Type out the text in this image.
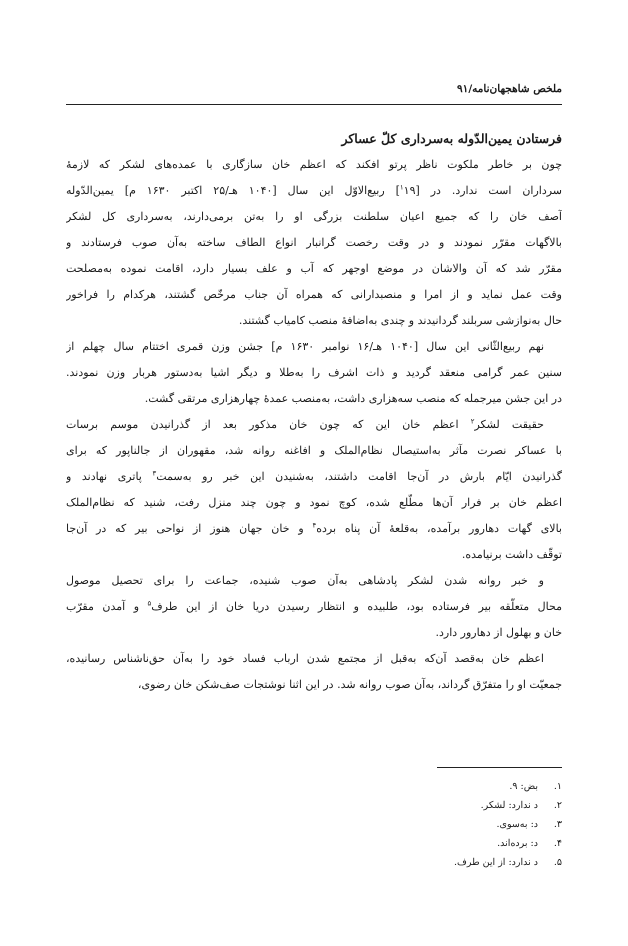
ملخص شاهجهان‌نامه/۹۱
فرستادن یمین‌الدّوله به‌سرداری کلّ عساکر
چون بر خاطر ملکوت ناظر پرتو افکند که اعظم خان سازگاری با عمده‌های لشکر که لازمهٔ
سرداران است ندارد. در [$^۱$۱۹] ربیع‌الاوّل این سال [۱۰۴۰ هـ/۲۵ اکتبر ۱۶۳۰ م] یمین‌الدّوله
آصف خان را که جمیع اعیان سلطنت بزرگی او را به‌تن برمی‌دارند، به‌سرداری کل لشکر
بالاگهات مقرّر نمودند و در وقت رخصت گرانبار انواع الطاف ساخته به‌آن صوب فرستادند و
مقرّر شد که آن والاشان در موضع اوجهر که آب و علف بسیار دارد، اقامت نموده به‌مصلحت
وقت عمل نماید و از امرا و منصبدارانی که همراه آن جناب مرخّص گشتند، هرکدام را فراخور
حال به‌نوازشی سربلند گردانیدند و چندی به‌اضافهٔ منصب کامیاب گشتند.
نهم ربیع‌الثّانی این سال [۱۰۴۰ هـ/۱۶ نوامبر ۱۶۳۰ م] جشن وزن قمری اختتام سال چهلم از
سنین عمر گرامی منعقد گردید و ذات اشرف را به‌طلا و دیگر اشیا به‌دستور هربار وزن نمودند.
در این جشن میرجمله که منصب سه‌هزاری داشت، به‌منصب عمدهٔ چهارهزاری مرتقی گشت.
حقیقت لشکر$^۲$ اعظم خان این که چون خان مذکور بعد از گذرانیدن موسم برسات
با عساکر نصرت مآثر به‌استیصال نظام‌الملک و افاغنه روانه شد، مقهوران از جالناپور که برای
گذرانیدن ایّام بارش در آن‌جا اقامت داشتند، به‌شنیدن این خبر رو به‌سمت$^۳$ پاتری نهادند و
اعظم خان بر فرار آن‌ها مطّلع شده، کوچ نمود و چون چند منزل رفت، شنید که نظام‌الملک
بالای گهات دهارور برآمده، به‌قلعهٔ آن پناه برده$^۴$ و خان جهان هنوز از نواحی بیر که در آن‌جا
توقّف داشت برنیامده.
و خبر روانه شدن لشکر پادشاهی به‌آن صوب شنیده، جماعت را برای تحصیل موصول
محال متعلّقه بیر فرستاده بود، طلبیده و انتظار رسیدن دریا خان از این طرف$^۵$ و آمدن مقرّب
خان و بهلول از دهارور دارد.
اعظم خان به‌قصد آن‌که به‌قبل از مجتمع شدن ارباب فساد خود را به‌آن حق‌ناشناس رسانیده،
جمعیّت او را متفرّق گرداند، به‌آن صوب روانه شد. در این اثنا نوشتجات صف‌شکن خان رضوی،
۱.بض: ۹.
۲.د ندارد: لشکر.
۳.د: به‌سوی.
۴.د: برده‌اند.
۵.د ندارد: از این طرف.
